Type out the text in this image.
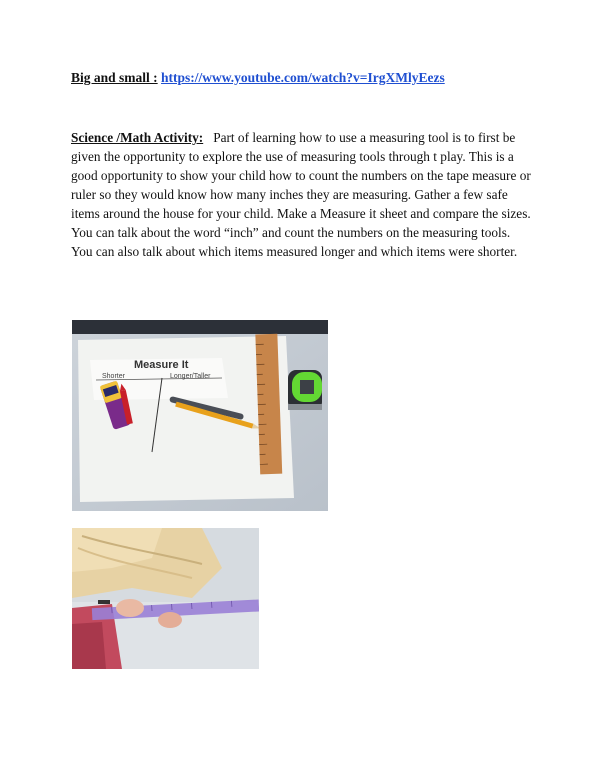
Big and small : https://www.youtube.com/watch?v=IrgXMlyEezs
Science /Math Activity: Part of learning how to use a measuring tool is to first be given the opportunity to explore the use of measuring tools through t play. This is a good opportunity to show your child how to count the numbers on the tape measure or ruler so they would know how many inches they are measuring. Gather a few safe items around the house for your child. Make a Measure it sheet and compare the sizes. You can talk about the word “inch” and count the numbers on the measuring tools. You can also talk about which items measured longer and which items were shorter.
Measure It
Shorter	Longer/Taller
